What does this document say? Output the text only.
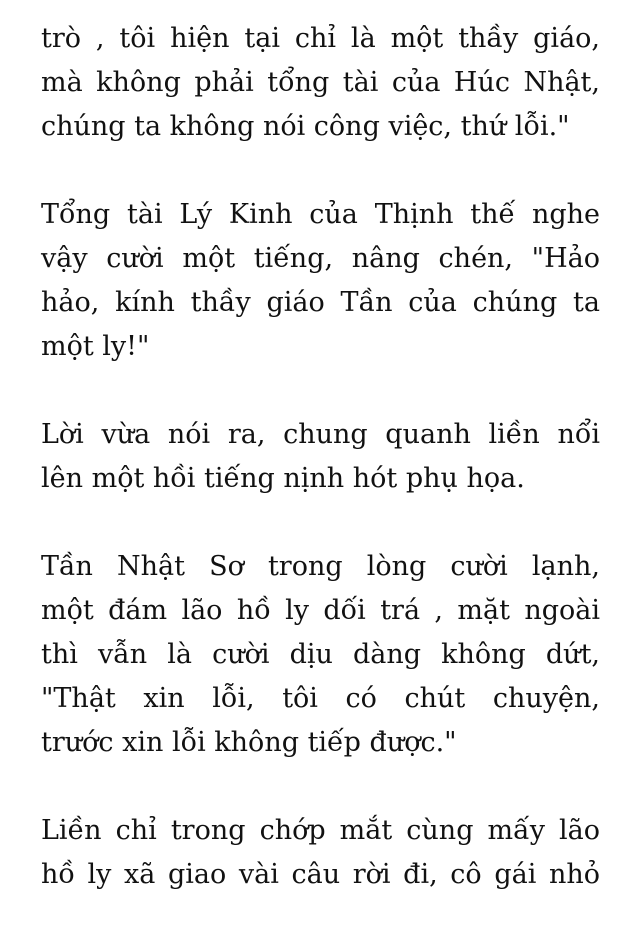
trò , tôi hiện tại chỉ là một thầy giáo,
mà không phải tổng tài của Húc Nhật,
chúng ta không nói công việc, thứ lỗi."
Tổng tài Lý Kinh của Thịnh thế nghe
vậy cười một tiếng, nâng chén, "Hảo
hảo, kính thầy giáo Tần của chúng ta
một ly!"
Lời vừa nói ra, chung quanh liền nổi
lên một hồi tiếng nịnh hót phụ họa.
Tần Nhật Sơ trong lòng cười lạnh,
một đám lão hồ ly dối trá , mặt ngoài
thì vẫn là cười dịu dàng không dứt,
"Thật xin lỗi, tôi có chút chuyện,
trước xin lỗi không tiếp được."
Liền chỉ trong chớp mắt cùng mấy lão
hồ ly xã giao vài câu rời đi, cô gái nhỏ
